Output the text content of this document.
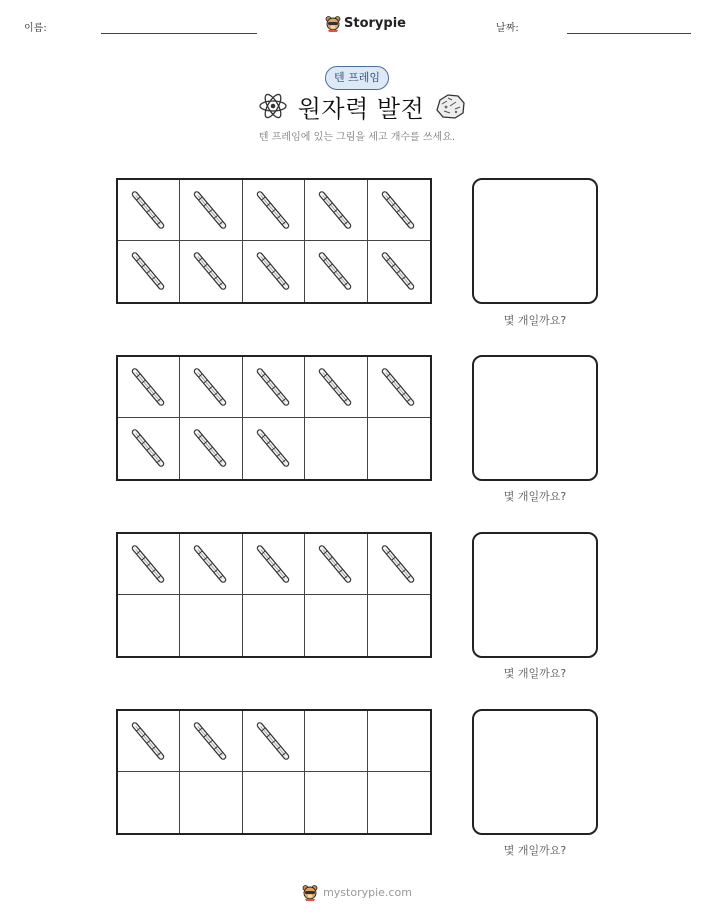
이름:	Storypie	날짜:
텐 프레임
원자력 발전
텐 프레임에 있는 그림을 세고 개수를 쓰세요.
몇 개일까요?
몇 개일까요?
몇 개일까요?
몇 개일까요?
mystorypie.com
